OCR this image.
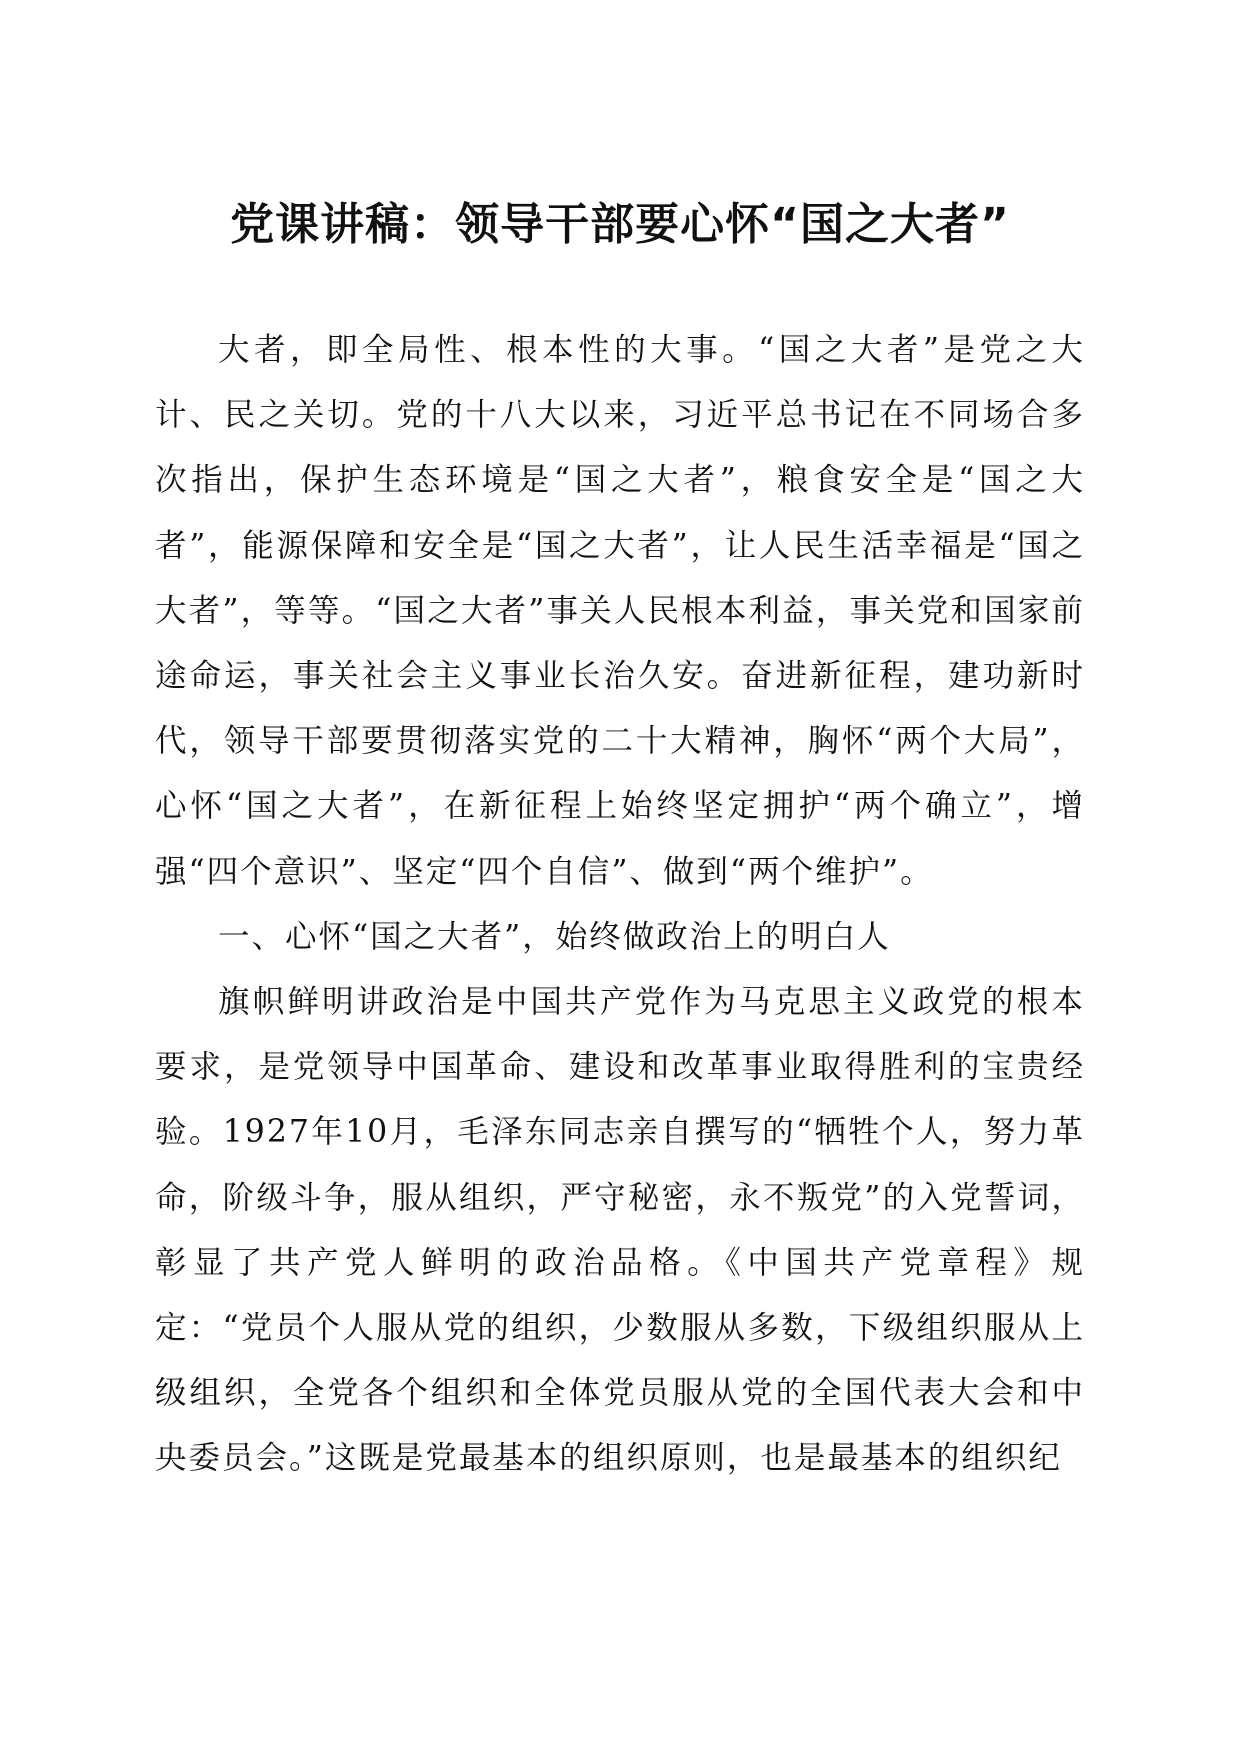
党课讲稿：领导干部要心怀“国之大者”

大者，即全局性、根本性的大事。“国之大者”是党之大计、民之关切。党的十八大以来，习近平总书记在不同场合多次指出，保护生态环境是“国之大者”，粮食安全是“国之大者”，能源保障和安全是“国之大者”，让人民生活幸福是“国之大者”，等等。“国之大者”事关人民根本利益，事关党和国家前途命运，事关社会主义事业长治久安。奋进新征程，建功新时代，领导干部要贯彻落实党的二十大精神，胸怀“两个大局”，心怀“国之大者”，在新征程上始终坚定拥护“两个确立”，增强“四个意识”、坚定“四个自信”、做到“两个维护”。

一、心怀“国之大者”，始终做政治上的明白人

旗帜鲜明讲政治是中国共产党作为马克思主义政党的根本要求，是党领导中国革命、建设和改革事业取得胜利的宝贵经验。1927年10月，毛泽东同志亲自撰写的“牺牲个人，努力革命，阶级斗争，服从组织，严守秘密，永不叛党”的入党誓词，彰显了共产党人鲜明的政治品格。《中国共产党章程》规定：“党员个人服从党的组织，少数服从多数，下级组织服从上级组织，全党各个组织和全体党员服从党的全国代表大会和中央委员会。”这既是党最基本的组织原则，也是最基本的组织纪
